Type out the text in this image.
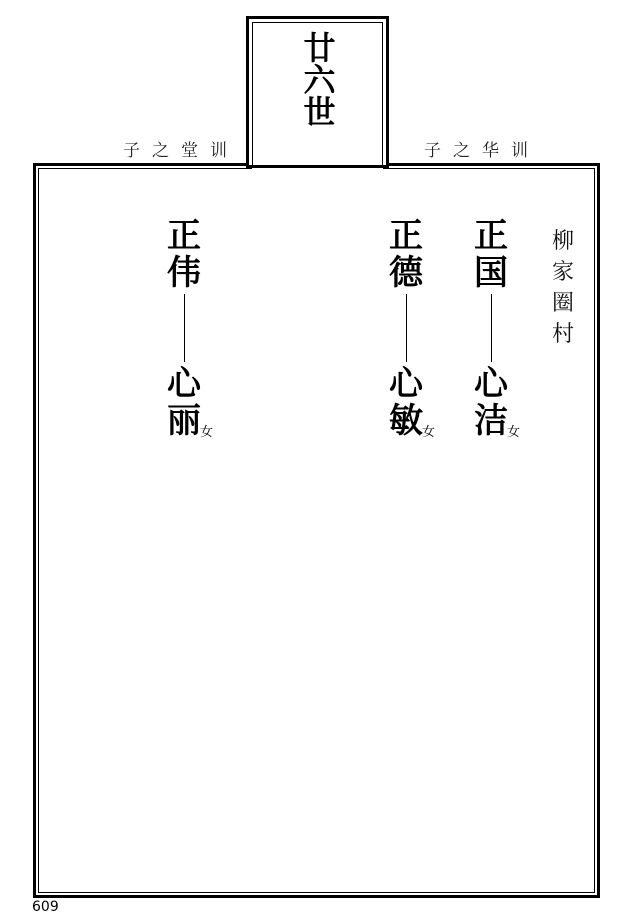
廿六世
子之堂训	子之华训
柳
家
圈
村
正
国
心
洁 女
正
德
心
敏 女
正
伟
心
丽 女
609
